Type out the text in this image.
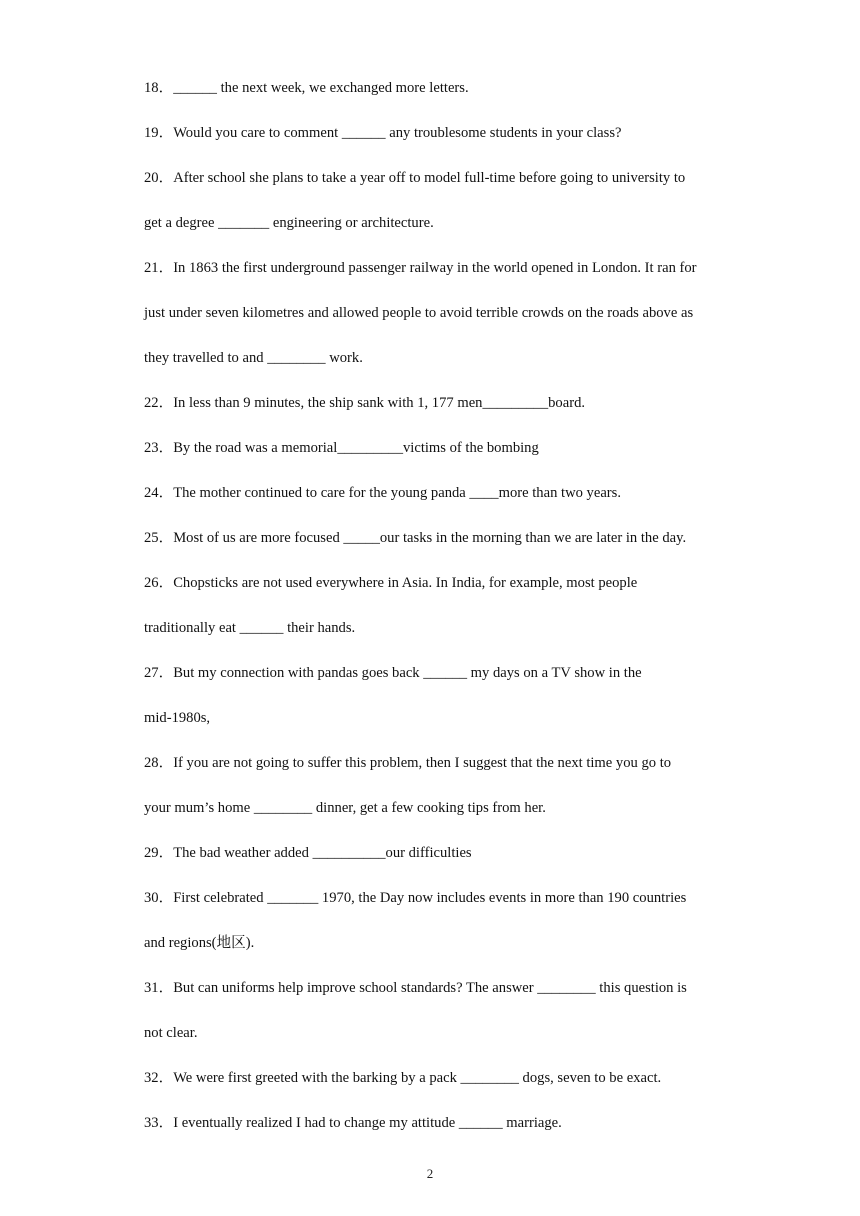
18．______ the next week, we exchanged more letters.
19．Would you care to comment ______ any troublesome students in your class?
20．After school she plans to take a year off to model full-time before going to university to
get a degree _______ engineering or architecture.
21．In 1863 the first underground passenger railway in the world opened in London. It ran for
just under seven kilometres and allowed people to avoid terrible crowds on the roads above as
they travelled to and ________ work.
22．In less than 9 minutes, the ship sank with 1, 177 men_________board.
23．By the road was a memorial_________victims of the bombing
24．The mother continued to care for the young panda ____more than two years.
25．Most of us are more focused _____our tasks in the morning than we are later in the day.
26．Chopsticks are not used everywhere in Asia. In India, for example, most people
traditionally eat ______ their hands.
27．But my connection with pandas goes back ______ my days on a TV show in the
mid-1980s,
28．If you are not going to suffer this problem, then I suggest that the next time you go to
your mum’s home ________ dinner, get a few cooking tips from her.
29．The bad weather added __________our difficulties
30．First celebrated _______ 1970, the Day now includes events in more than 190 countries
and regions(地区).
31．But can uniforms help improve school standards? The answer ________ this question is
not clear.
32．We were first greeted with the barking by a pack ________ dogs, seven to be exact.
33．I eventually realized I had to change my attitude ______ marriage.
2
